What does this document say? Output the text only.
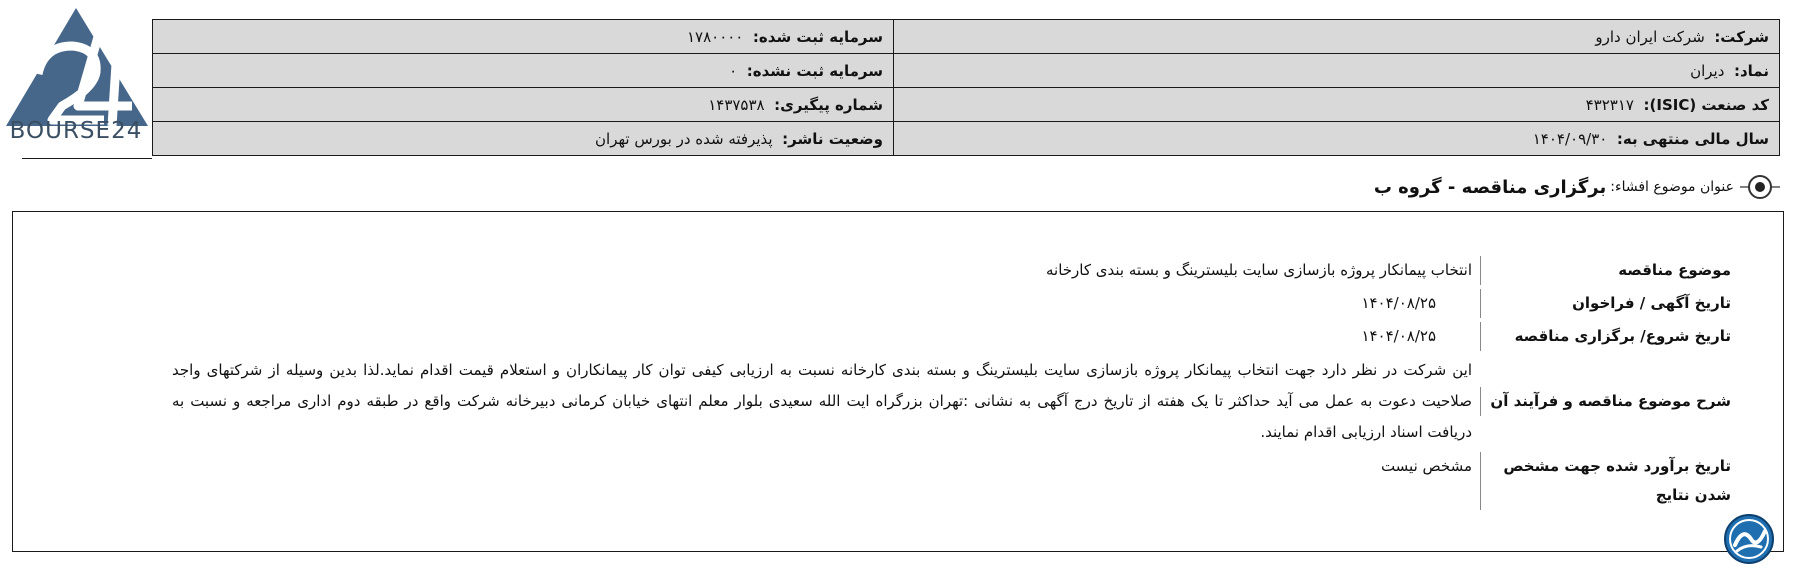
BOURSE24
شرکت:  شرکت ایران دارو	سرمایه ثبت شده:  ۱۷۸۰۰۰۰
نماد:  دیران	سرمایه ثبت نشده:  ۰
کد صنعت (ISIC):  ۴۳۲۳۱۷	شماره پیگیری:  ۱۴۳۷۵۳۸
سال مالی منتهی به:  ۱۴۰۴/۰۹/۳۰	وضعیت ناشر:  پذیرفته شده در بورس تهران
عنوان موضوع افشاء:
برگزاری مناقصه - گروه ب
موضوع مناقصه
انتخاب پیمانکار پروژه بازسازی سایت بلیسترینگ و بسته بندی کارخانه
تاریخ آگهی / فراخوان
۱۴۰۴/۰۸/۲۵
تاریخ شروع/ برگزاری مناقصه
۱۴۰۴/۰۸/۲۵
شرح موضوع مناقصه و فرآیند آن
این شرکت در نظر دارد جهت انتخاب پیمانکار پروژه بازسازی سایت بلیسترینگ و بسته بندی کارخانه نسبت به ارزیابی کیفی توان کار پیمانکاران و استعلام قیمت اقدام نماید.لذا بدین وسیله از شرکتهای واجد صلاحیت دعوت به عمل می آید حداکثر تا یک هفته از تاریخ درج آگهی به نشانی :تهران بزرگراه ایت الله سعیدی بلوار معلم انتهای خیابان کرمانی دبیرخانه شرکت واقع در طبقه دوم اداری مراجعه و نسبت به دریافت اسناد ارزیابی اقدام نمایند.
تاریخ برآورد شده جهت مشخص شدن نتایج
مشخص نیست
